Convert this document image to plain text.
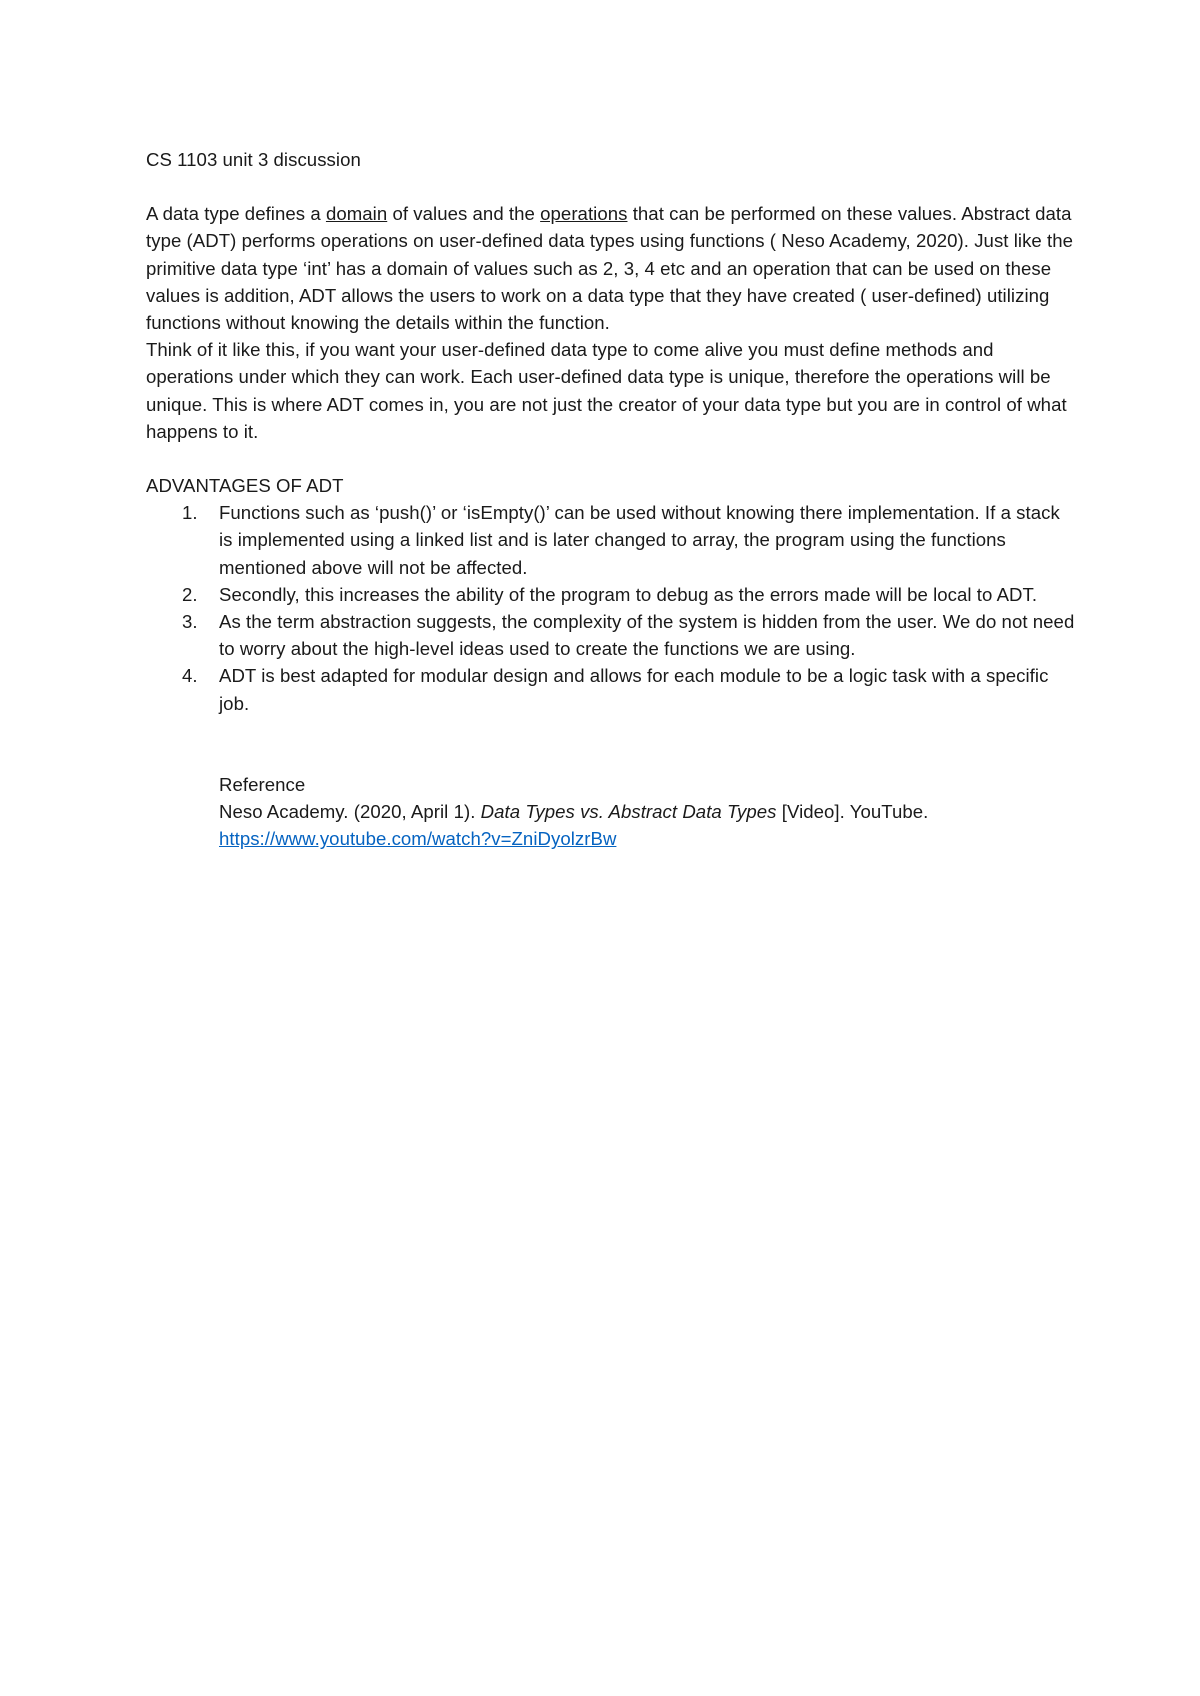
CS 1103 unit 3 discussion

A data type defines a domain of values and the operations that can be performed on these values. Abstract data type (ADT) performs operations on user-defined data types using functions ( Neso Academy, 2020). Just like the primitive data type ‘int’ has a domain of values such as 2, 3, 4 etc and an operation that can be used on these values is addition, ADT allows the users to work on a data type that they have created ( user-defined) utilizing functions without knowing the details within the function.

Think of it like this, if you want your user-defined data type to come alive you must define methods and operations under which they can work. Each user-defined data type is unique, therefore the operations will be unique. This is where ADT comes in, you are not just the creator of your data type but you are in control of what happens to it.

ADVANTAGES OF ADT

1. Functions such as ‘push()’ or ‘isEmpty()’ can be used without knowing there implementation. If a stack is implemented using a linked list and is later changed to array, the program using the functions mentioned above will not be affected.
2. Secondly, this increases the ability of the program to debug as the errors made will be local to ADT.
3. As the term abstraction suggests, the complexity of the system is hidden from the user. We do not need to worry about the high-level ideas used to create the functions we are using.
4. ADT is best adapted for modular design and allows for each module to be a logic task with a specific job.
Reference
Neso Academy. (2020, April 1). Data Types vs. Abstract Data Types [Video]. YouTube.
https://www.youtube.com/watch?v=ZniDyolzrBw
